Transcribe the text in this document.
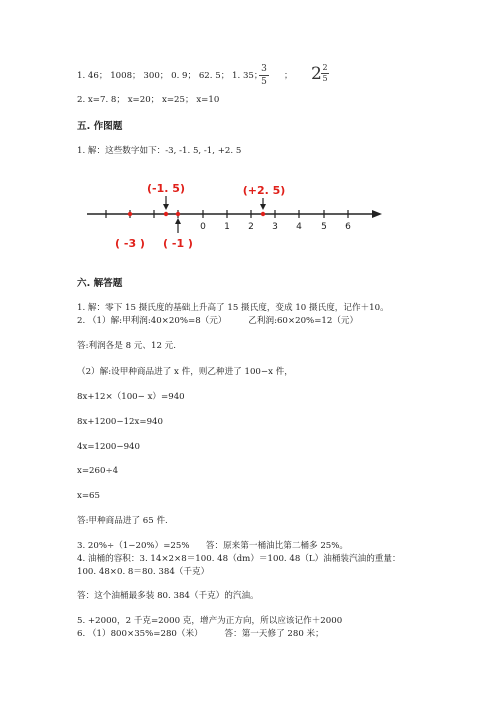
1. 46； 1008； 300； 0. 9； 62. 5； 1. 35；
3
5
； 2 2
5
2. x=7. 8； x=20； x=25； x=10
五. 作图题
1. 解：这些数字如下：-3, -1. 5, -1, +2. 5
0 1 2 3 4 5 6
(-1. 5)	(+2. 5)
( -3 ) ( -1 )
六. 解答题
1. 解：零下 15 摄氏度的基础上升高了 15 摄氏度，变成 10 摄氏度，记作＋10。
2. （1）解:甲利润:40×20%=8（元）        乙利润:60×20%=12（元）
答:利润各是 8 元、12 元.
（2）解:设甲种商品进了 x 件，则乙种进了 100−x 件，
8x+12×（100− x）=940
8x+1200−12x=940
4x=1200−940
x=260÷4
x=65
答:甲种商品进了 65 件.
3. 20%÷（1−20%）=25%      答：原来第一桶油比第二桶多 25%。
4. 油桶的容积：3. 14×2×8＝100. 48（dm）＝100. 48（L）油桶装汽油的重量：
100. 48×0. 8＝80. 384（千克）
答：这个油桶最多装 80. 384（千克）的汽油。
5. +2000，2 千克=2000 克，增产为正方向，所以应该记作＋2000
6. （1）800×35%=280（米）        答：第一天修了 280 米；
